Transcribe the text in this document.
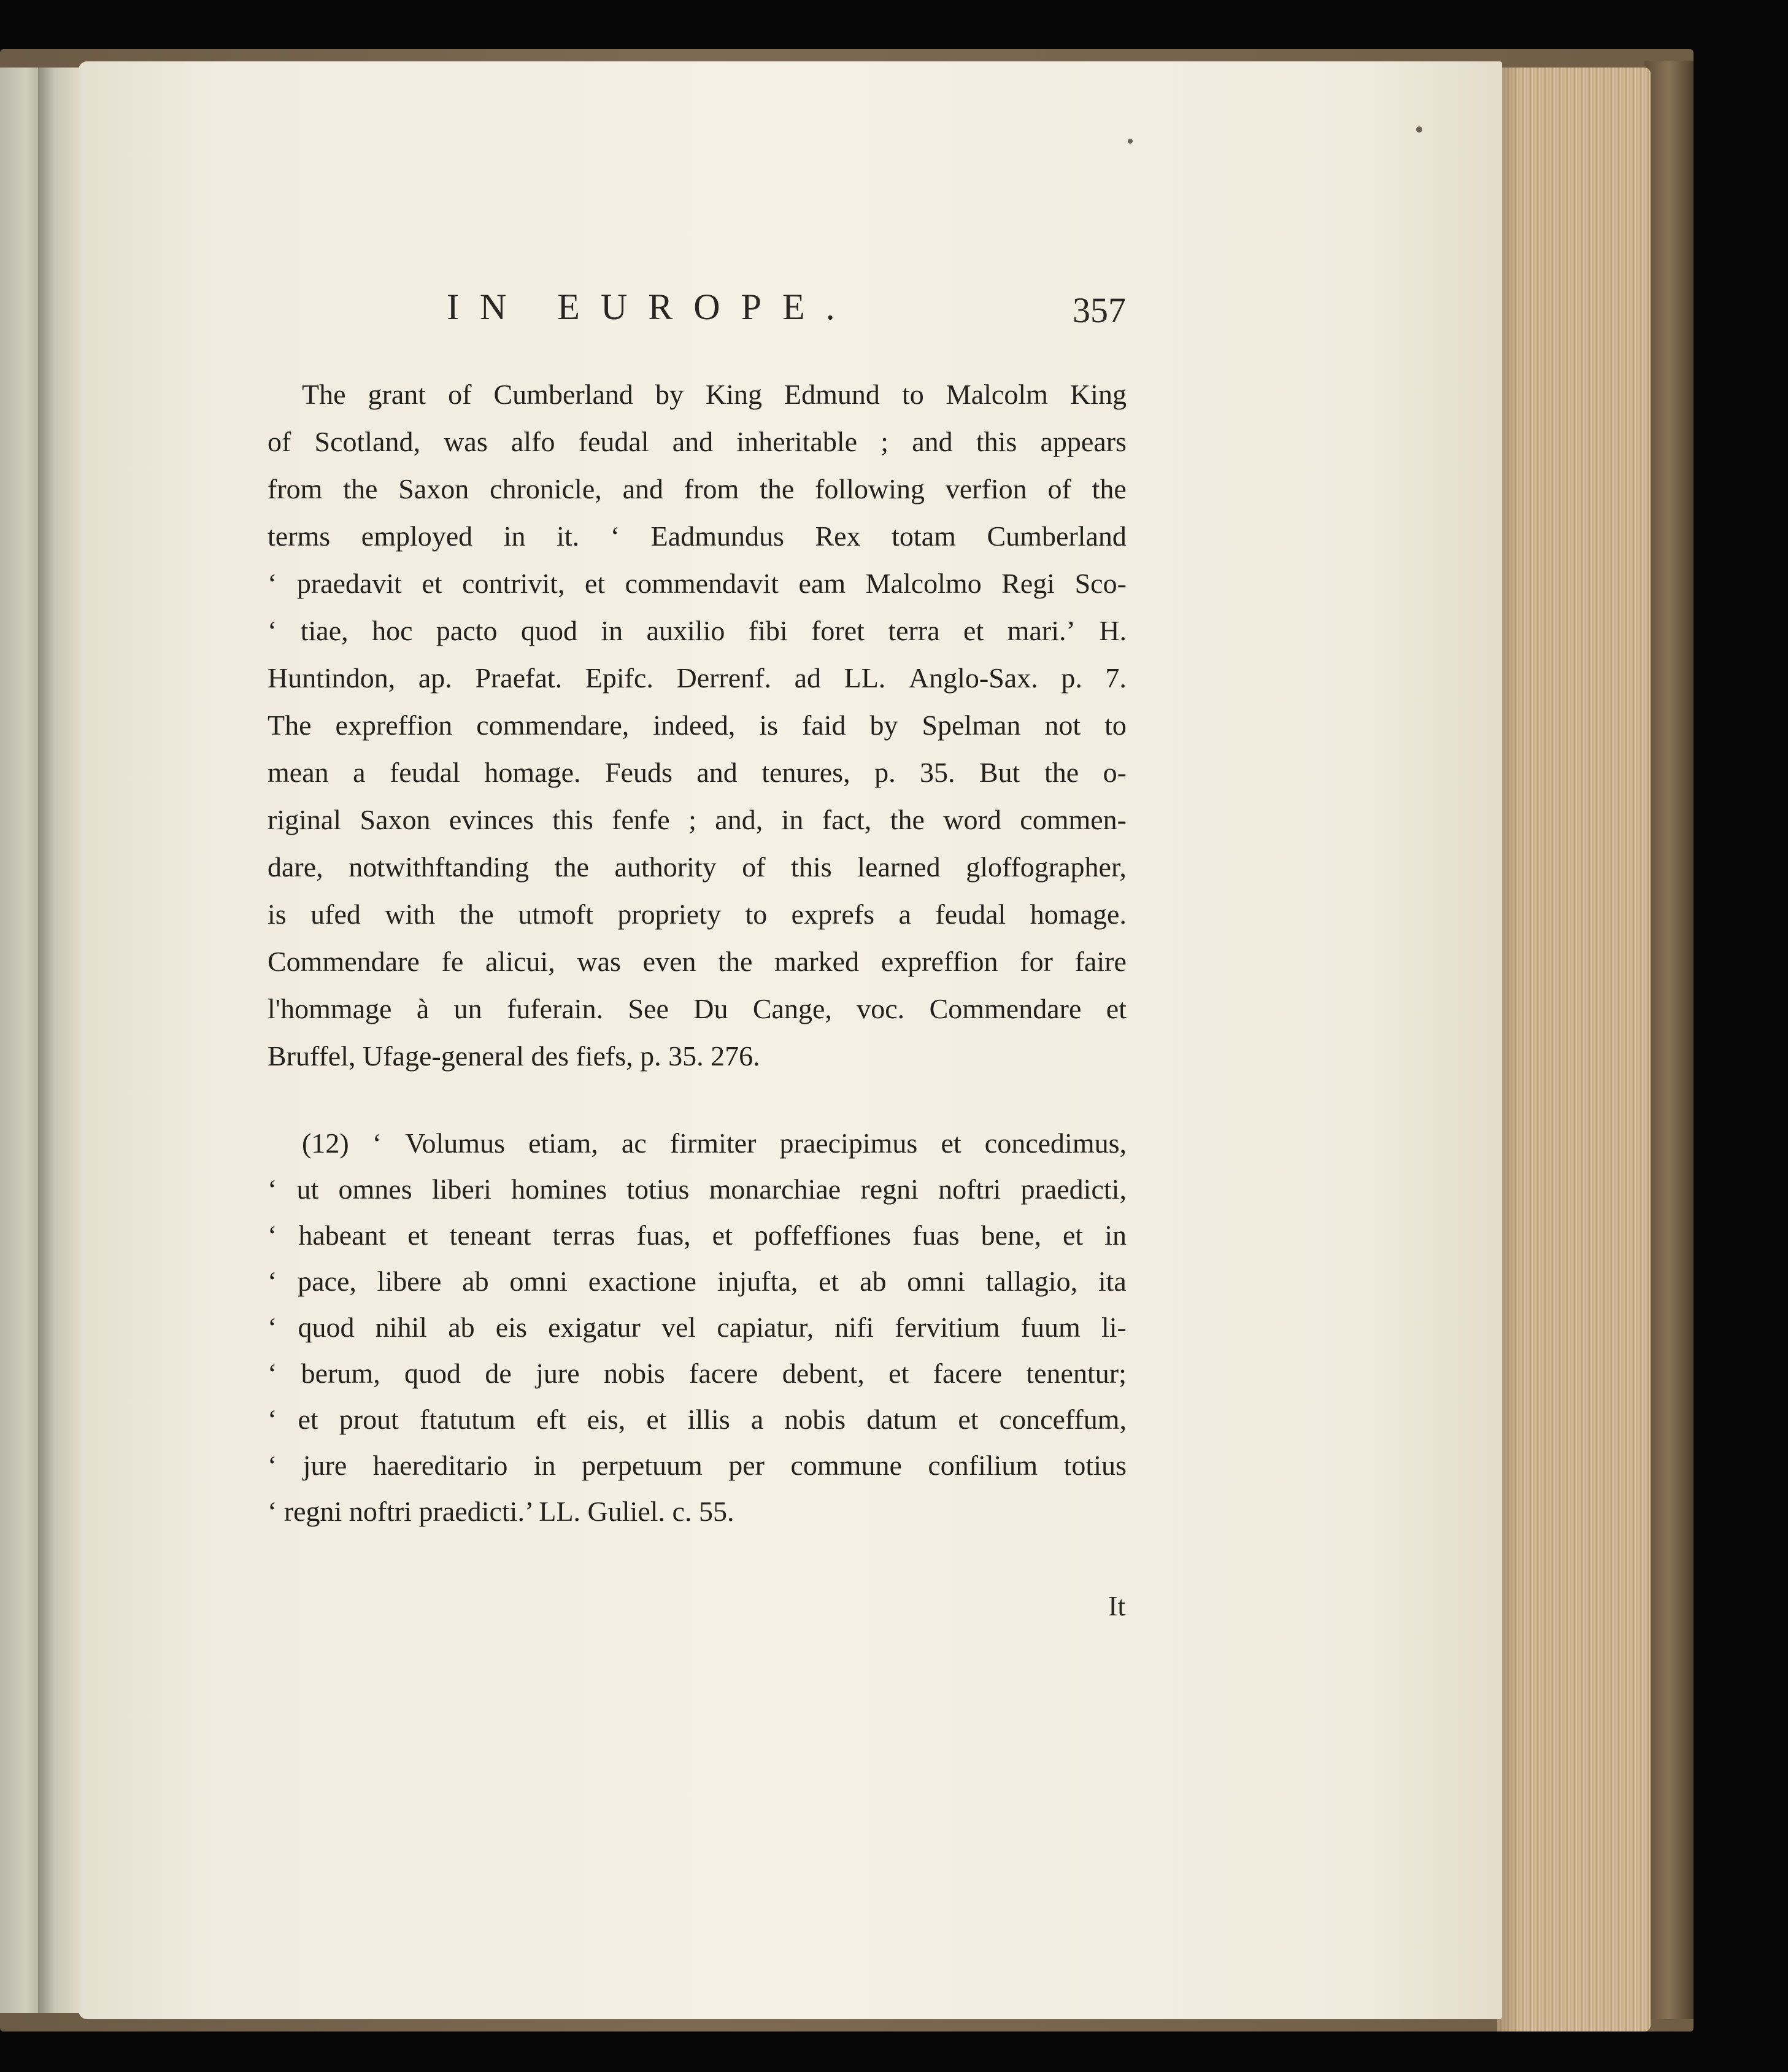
IN EUROPE.	357
The grant of Cumberland by King Edmund to Malcolm King
of Scotland, was alfo feudal and inheritable ; and this appears
from the Saxon chronicle, and from the following verfion of the
terms employed in it. ‘ Eadmundus Rex totam Cumberland
‘ praedavit et contrivit, et commendavit eam Malcolmo Regi Sco-
‘ tiae, hoc pacto quod in auxilio fibi foret terra et mari.’ H.
Huntindon, ap. Praefat. Epifc. Derrenf. ad LL. Anglo-Sax. p. 7.
The expreffion commendare, indeed, is faid by Spelman not to
mean a feudal homage. Feuds and tenures, p. 35. But the o-
riginal Saxon evinces this fenfe ; and, in fact, the word commen-
dare, notwithftanding the authority of this learned gloffographer,
is ufed with the utmoft propriety to exprefs a feudal homage.
Commendare fe alicui, was even the marked expreffion for faire
l'hommage à un fuferain. See Du Cange, voc. Commendare et
Bruffel, Ufage-general des fiefs, p. 35. 276.
(12) ‘ Volumus etiam, ac firmiter praecipimus et concedimus,
‘ ut omnes liberi homines totius monarchiae regni noftri praedicti,
‘ habeant et teneant terras fuas, et poffeffiones fuas bene, et in
‘ pace, libere ab omni exactione injufta, et ab omni tallagio, ita
‘ quod nihil ab eis exigatur vel capiatur, nifi fervitium fuum li-
‘ berum, quod de jure nobis facere debent, et facere tenentur;
‘ et prout ftatutum eft eis, et illis a nobis datum et conceffum,
‘ jure haereditario in perpetuum per commune confilium totius
‘ regni noftri praedicti.’ LL. Guliel. c. 55.
It
